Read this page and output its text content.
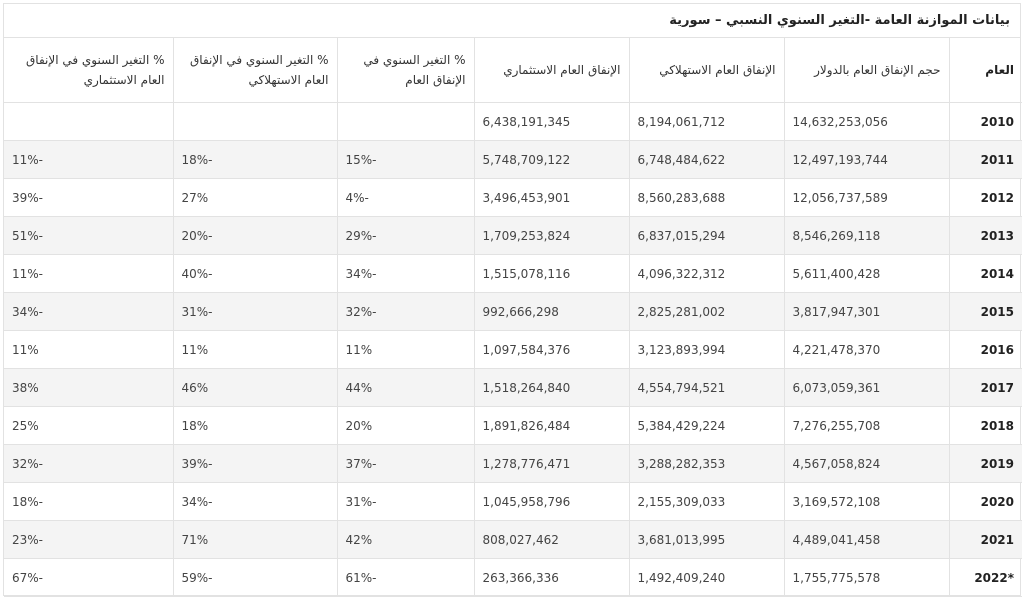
بيانات الموازنة العامة -التغير السنوي النسبي – سورية
العام	حجم الإنفاق العام بالدولار	الإنفاق العام الاستهلاكي	الإنفاق العام الاستثماري	% التغير السنوي في الإنفاق العام	% التغير السنوي في الإنفاق العام الاستهلاكي	% التغير السنوي في الإنفاق العام الاستثماري
2010	14,632,253,056	8,194,061,712	6,438,191,345			
2011	12,497,193,744	6,748,484,622	5,748,709,122	15%-	18%-	11%-
2012	12,056,737,589	8,560,283,688	3,496,453,901	4%-	27%	39%-
2013	8,546,269,118	6,837,015,294	1,709,253,824	29%-	20%-	51%-
2014	5,611,400,428	4,096,322,312	1,515,078,116	34%-	40%-	11%-
2015	3,817,947,301	2,825,281,002	992,666,298	32%-	31%-	34%-
2016	4,221,478,370	3,123,893,994	1,097,584,376	11%	11%	11%
2017	6,073,059,361	4,554,794,521	1,518,264,840	44%	46%	38%
2018	7,276,255,708	5,384,429,224	1,891,826,484	20%	18%	25%
2019	4,567,058,824	3,288,282,353	1,278,776,471	37%-	39%-	32%-
2020	3,169,572,108	2,155,309,033	1,045,958,796	31%-	34%-	18%-
2021	4,489,041,458	3,681,013,995	808,027,462	42%	71%	23%-
2022*	1,755,775,578	1,492,409,240	263,366,336	61%-	59%-	67%-
